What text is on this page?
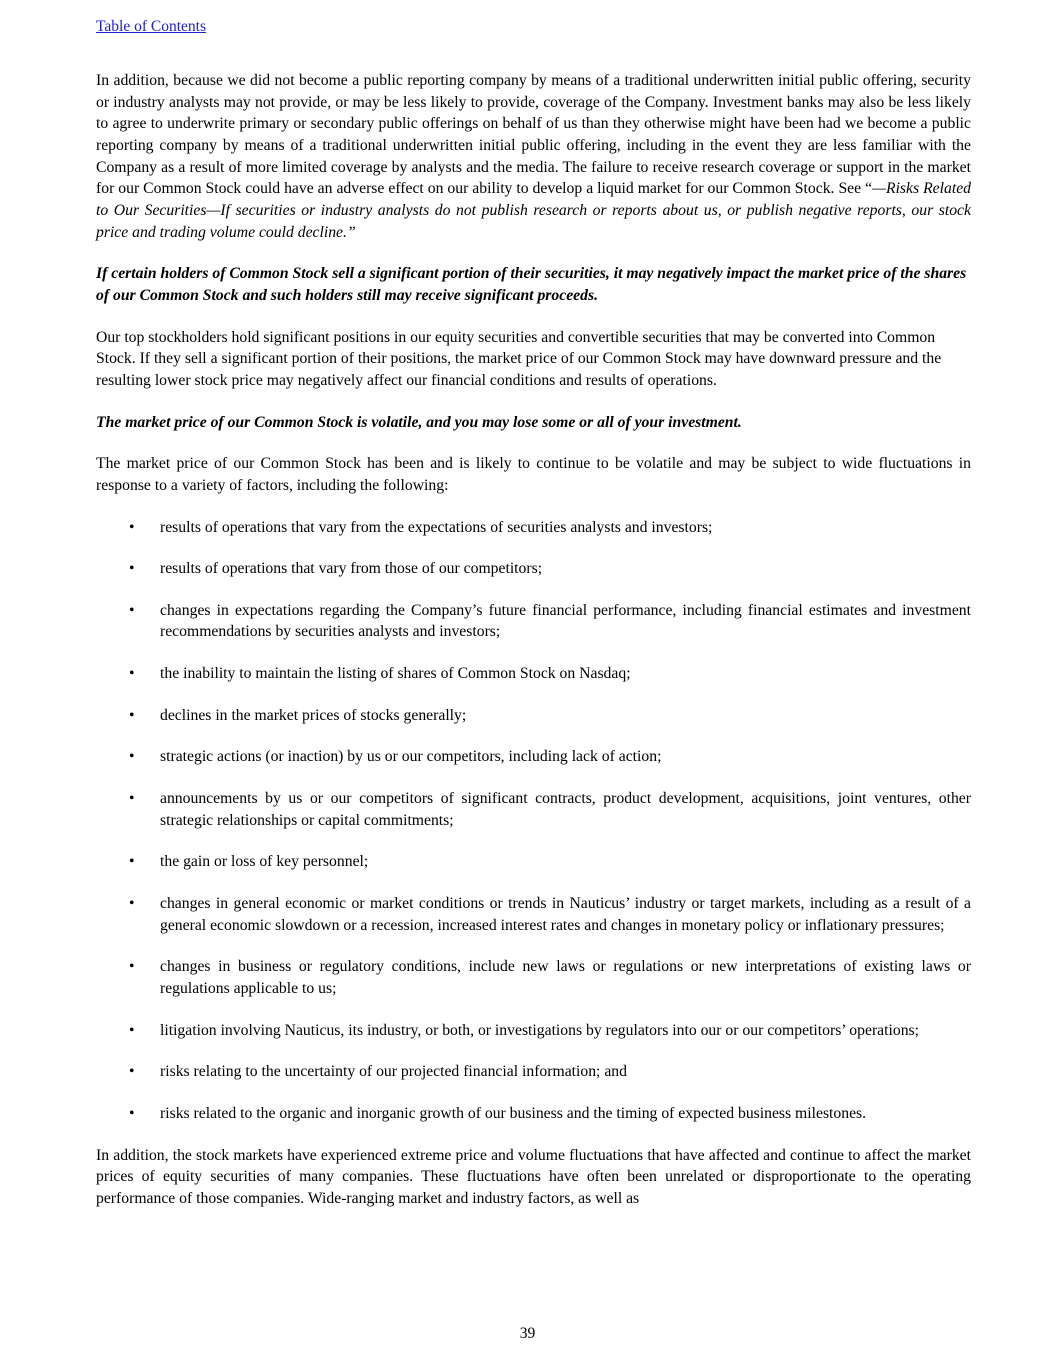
Table of Contents

In addition, because we did not become a public reporting company by means of a traditional underwritten initial public offering, security or industry analysts may not provide, or may be less likely to provide, coverage of the Company. Investment banks may also be less likely to agree to underwrite primary or secondary public offerings on behalf of us than they otherwise might have been had we become a public reporting company by means of a traditional underwritten initial public offering, including in the event they are less familiar with the Company as a result of more limited coverage by analysts and the media. The failure to receive research coverage or support in the market for our Common Stock could have an adverse effect on our ability to develop a liquid market for our Common Stock. See “—Risks Related to Our Securities—If securities or industry analysts do not publish research or reports about us, or publish negative reports, our stock price and trading volume could decline.”

If certain holders of Common Stock sell a significant portion of their securities, it may negatively impact the market price of the shares of our Common Stock and such holders still may receive significant proceeds.

Our top stockholders hold significant positions in our equity securities and convertible securities that may be converted into Common Stock. If they sell a significant portion of their positions, the market price of our Common Stock may have downward pressure and the resulting lower stock price may negatively affect our financial conditions and results of operations.

The market price of our Common Stock is volatile, and you may lose some or all of your investment.

The market price of our Common Stock has been and is likely to continue to be volatile and may be subject to wide fluctuations in response to a variety of factors, including the following:

• results of operations that vary from the expectations of securities analysts and investors;
• results of operations that vary from those of our competitors;
• changes in expectations regarding the Company’s future financial performance, including financial estimates and investment recommendations by securities analysts and investors;
• the inability to maintain the listing of shares of Common Stock on Nasdaq;
• declines in the market prices of stocks generally;
• strategic actions (or inaction) by us or our competitors, including lack of action;
• announcements by us or our competitors of significant contracts, product development, acquisitions, joint ventures, other strategic relationships or capital commitments;
• the gain or loss of key personnel;
• changes in general economic or market conditions or trends in Nauticus’ industry or target markets, including as a result of a general economic slowdown or a recession, increased interest rates and changes in monetary policy or inflationary pressures;
• changes in business or regulatory conditions, include new laws or regulations or new interpretations of existing laws or regulations applicable to us;
• litigation involving Nauticus, its industry, or both, or investigations by regulators into our or our competitors’ operations;
• risks relating to the uncertainty of our projected financial information; and
• risks related to the organic and inorganic growth of our business and the timing of expected business milestones.

In addition, the stock markets have experienced extreme price and volume fluctuations that have affected and continue to affect the market prices of equity securities of many companies. These fluctuations have often been unrelated or disproportionate to the operating performance of those companies. Wide-ranging market and industry factors, as well as

39
